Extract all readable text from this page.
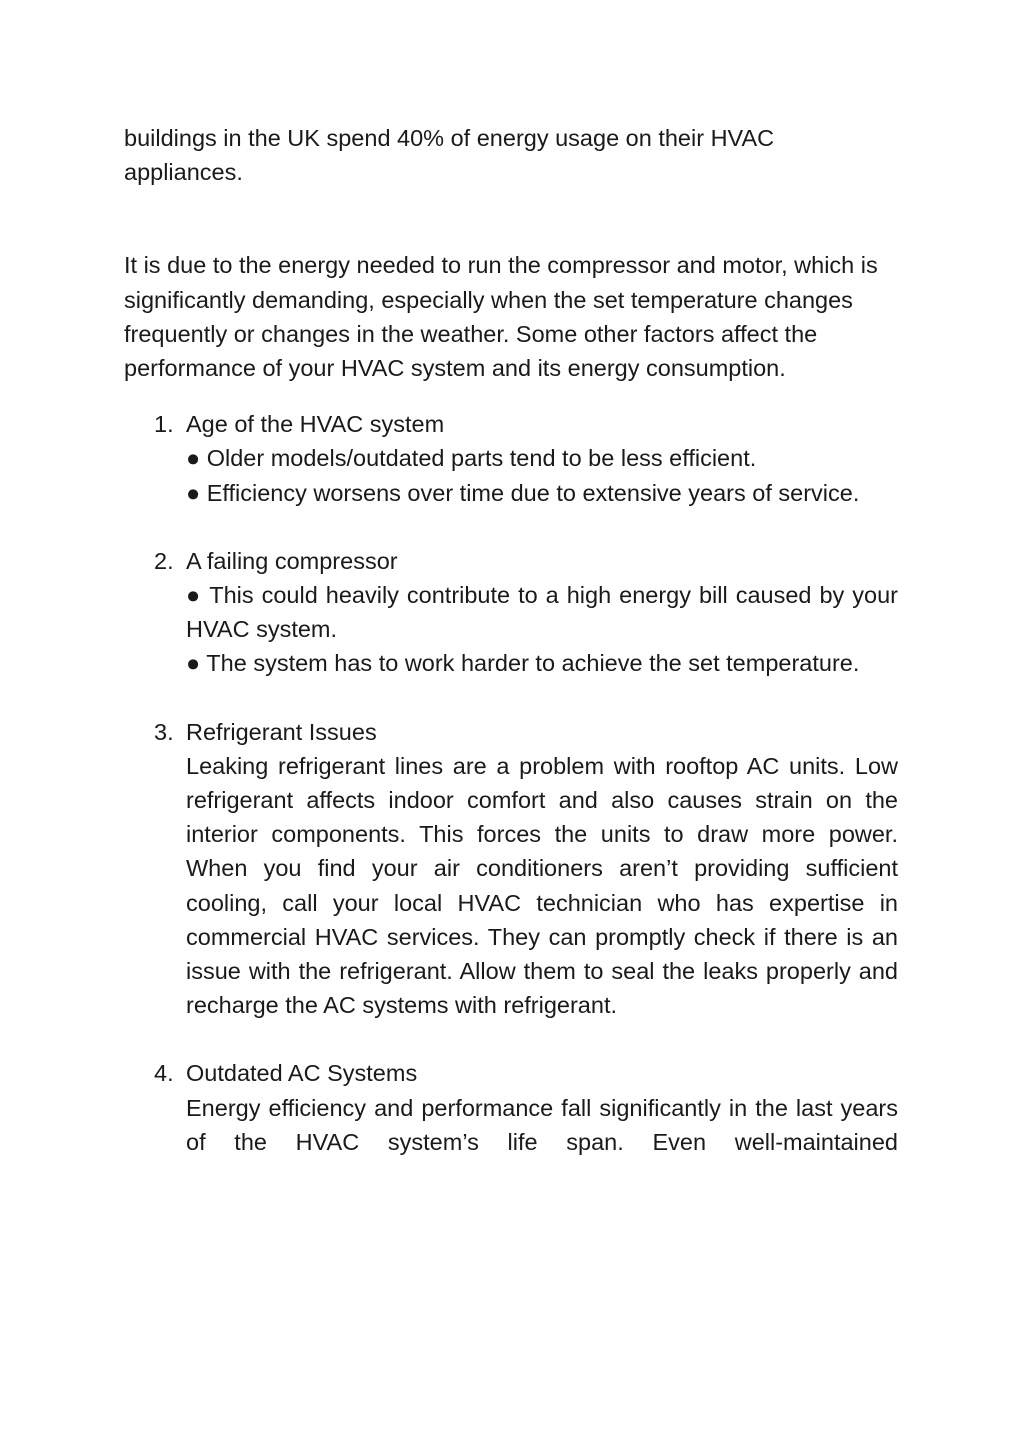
buildings in the UK spend 40% of energy usage on their HVAC appliances.

It is due to the energy needed to run the compressor and motor, which is significantly demanding, especially when the set temperature changes frequently or changes in the weather. Some other factors affect the performance of your HVAC system and its energy consumption.

1. Age of the HVAC system
● Older models/outdated parts tend to be less efficient.
● Efficiency worsens over time due to extensive years of service.
2. A failing compressor
● This could heavily contribute to a high energy bill caused by your HVAC system.
● The system has to work harder to achieve the set temperature.
3. Refrigerant Issues
Leaking refrigerant lines are a problem with rooftop AC units. Low refrigerant affects indoor comfort and also causes strain on the interior components. This forces the units to draw more power. When you find your air conditioners aren’t providing sufficient cooling, call your local HVAC technician who has expertise in commercial HVAC services. They can promptly check if there is an issue with the refrigerant. Allow them to seal the leaks properly and recharge the AC systems with refrigerant.
4. Outdated AC Systems
Energy efficiency and performance fall significantly in the last years of the HVAC system’s life span. Even well-maintained
